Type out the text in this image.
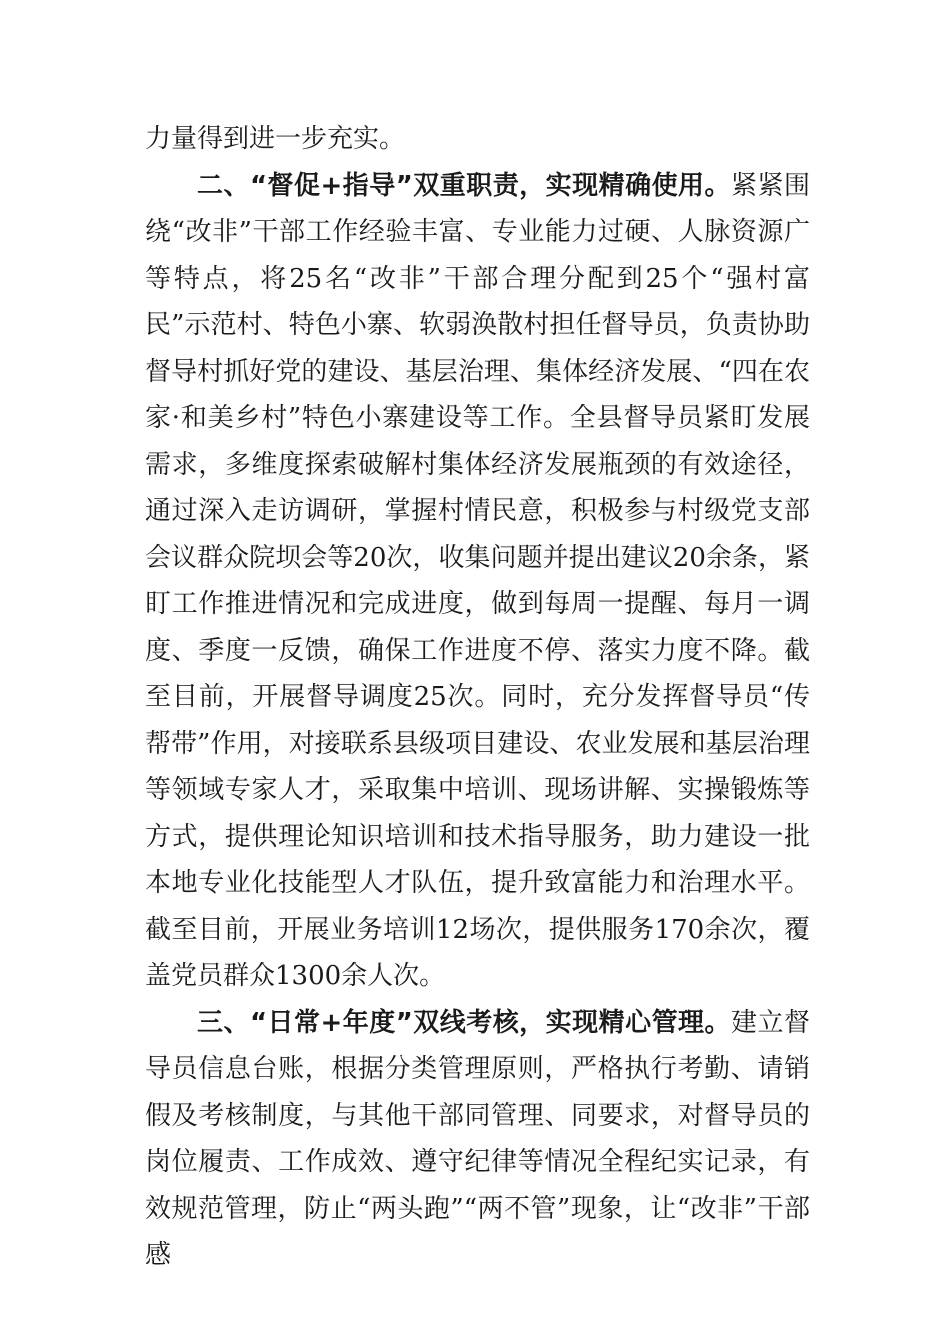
力量得到进一步充实。

二、“督促+指导”双重职责，实现精确使用。紧紧围绕“改非”干部工作经验丰富、专业能力过硬、人脉资源广等特点，将25名“改非”干部合理分配到25个“强村富民”示范村、特色小寨、软弱涣散村担任督导员，负责协助督导村抓好党的建设、基层治理、集体经济发展、“四在农家·和美乡村”特色小寨建设等工作。全县督导员紧盯发展需求，多维度探索破解村集体经济发展瓶颈的有效途径，通过深入走访调研，掌握村情民意，积极参与村级党支部会议群众院坝会等20次，收集问题并提出建议20余条，紧盯工作推进情况和完成进度，做到每周一提醒、每月一调度、季度一反馈，确保工作进度不停、落实力度不降。截至目前，开展督导调度25次。同时，充分发挥督导员“传帮带”作用，对接联系县级项目建设、农业发展和基层治理等领域专家人才，采取集中培训、现场讲解、实操锻炼等方式，提供理论知识培训和技术指导服务，助力建设一批本地专业化技能型人才队伍，提升致富能力和治理水平。截至目前，开展业务培训12场次，提供服务170余次，覆盖党员群众1300余人次。

三、“日常+年度”双线考核，实现精心管理。建立督导员信息台账，根据分类管理原则，严格执行考勤、请销假及考核制度，与其他干部同管理、同要求，对督导员的岗位履责、工作成效、遵守纪律等情况全程纪实记录，有效规范管理，防止“两头跑”“两不管”现象，让“改非”干部感
